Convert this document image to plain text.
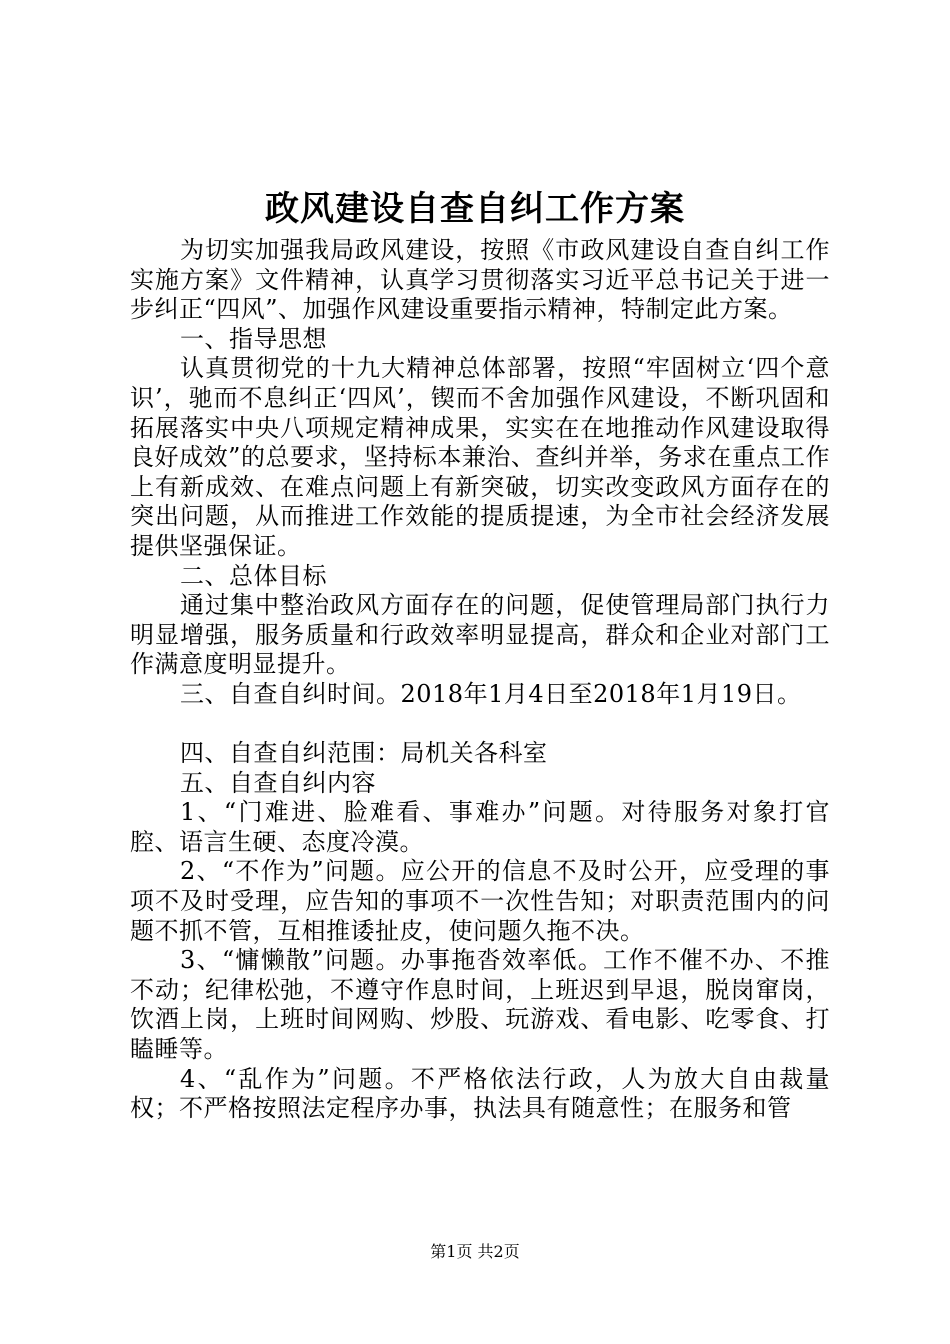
政风建设自查自纠工作方案

为切实加强我局政风建设，按照《市政风建设自查自纠工作实施方案》文件精神，认真学习贯彻落实习近平总书记关于进一步纠正“四风”、加强作风建设重要指示精神，特制定此方案。

一、指导思想

认真贯彻党的十九大精神总体部署，按照“牢固树立‘四个意识’，驰而不息纠正‘四风’，锲而不舍加强作风建设，不断巩固和拓展落实中央八项规定精神成果，实实在在地推动作风建设取得良好成效”的总要求，坚持标本兼治、查纠并举，务求在重点工作上有新成效、在难点问题上有新突破，切实改变政风方面存在的突出问题，从而推进工作效能的提质提速，为全市社会经济发展提供坚强保证。

二、总体目标

通过集中整治政风方面存在的问题，促使管理局部门执行力明显增强，服务质量和行政效率明显提高，群众和企业对部门工作满意度明显提升。

三、自查自纠时间。2018年1月4日至2018年1月19日。

四、自查自纠范围：局机关各科室

五、自查自纠内容

1、“门难进、脸难看、事难办”问题。对待服务对象打官腔、语言生硬、态度冷漠。

2、“不作为”问题。应公开的信息不及时公开，应受理的事项不及时受理，应告知的事项不一次性告知；对职责范围内的问题不抓不管，互相推诿扯皮，使问题久拖不决。

3、“慵懒散”问题。办事拖沓效率低。工作不催不办、不推不动；纪律松弛，不遵守作息时间，上班迟到早退，脱岗窜岗，饮酒上岗，上班时间网购、炒股、玩游戏、看电影、吃零食、打瞌睡等。

4、“乱作为”问题。不严格依法行政，人为放大自由裁量权；不严格按照法定程序办事，执法具有随意性；在服务和管

第1页 共2页
